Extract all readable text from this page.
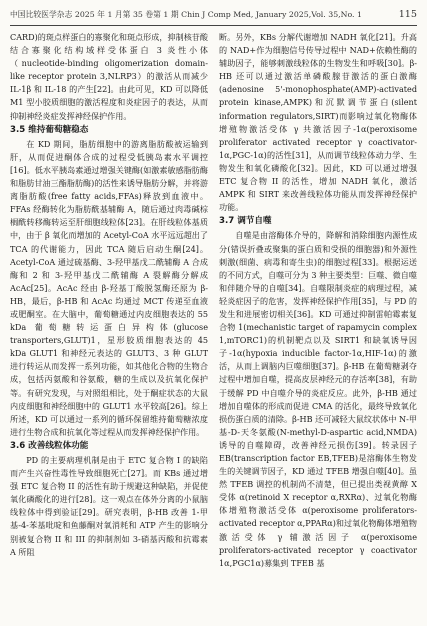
中国比较医学杂志 2025 年 1 月第 35 卷第 1 期 Chin J Comp Med, January 2025,Vol. 35,No. 1	115

CARD)的斑点样蛋白的寡聚化和斑点形成，抑制核苷酸结合寡聚化结构域样受体蛋白 3 炎性小体（nucleotide-binding oligomerization domain-like receptor protein 3,NLRP3）的激活从而减少 IL-1β 和 IL-18 的产生[22]。由此可见，KD 可以降低 M1 型小胶质细胞的激活程度和炎症因子的表达，从而抑制神经炎症发挥神经保护作用。

3.5 维持葡萄糖稳态

在 KD 期间，脂肪细胞中的游离脂肪酸被运输到肝，从而促进酮体合成的过程受低胰岛素水平调控[16]。低水平胰岛素通过增强关键酶(如激素敏感脂肪酶和脂肪甘油三酯脂肪酶)的活性来诱导脂肪分解，并将游离脂肪酸(free fatty acids,FFAs)释放到血液中。FFAs 经酶转化为脂肪酰基辅酶 A，随后通过肉毒碱棕榈酰转移酶转运至肝细胞线粒体[23]。在肝线粒体基质中，由于 β 氧化而增加的 Acetyl-CoA 水平远远超出了 TCA 的代谢能力，因此 TCA 随后启动生酮[24]。Acetyl-CoA 通过硫基酶、3-羟甲基戊二酰辅酶 A 合成酶和 2 和 3-羟甲基戊二酰辅酶 A 裂解酶分解成 AcAc[25]。AcAc 经由 β-羟基丁酸脱氢酶还原为 β-HB，最后，β-HB 和 AcAc 均通过 MCT 传递至血液或肥酮室。在大脑中，葡萄糖通过内皮细胞表达的 55 kDa 葡萄糖转运蛋白异构体(glucose transporters,GLUT)1，星形胶质细胞表达的 45 kDa GLUT1 和神经元表达的 GLUT3、3 种 GLUT 进行转运从而发挥一系列功能，如其他化合物的生物合成，包括丙氨酸和谷氨酸，糖的生成以及抗氧化保护等。有研究发现，与对照组相比，处于酮症状态的大鼠内皮细胞和神经细胞中的 GLUT1 水平较高[26]。综上所述，KD 可以通过一系列的循环保留维持葡萄糖浓度进行生物合成和抗氧化等过程从而发挥神经保护作用。

3.6 改善线粒体功能

PD 的主要病理机制是由于 ETC 复合物 I 的缺陷而产生兴奋性毒性导致细胞死亡[27]。而 KBs 通过增强 ETC 复合物 II 的活性有助于规避这种缺陷，并促使氧化磷酸化的进行[28]。这一观点在体外分离的小鼠脑线粒体中得到验证[29]。研究表明，β-HB 改善 1-甲基-4-苯基吡啶和鱼藤酮对氧消耗和 ATP 产生的影响分别被复合物 II 和 III 的抑制剂如 3-硝基丙酸和抗霉素 A 所阻

断。另外，KBs 分解代谢增加 NADH 氧化[21]。升高的 NAD+作为细胞信号传导过程中 NAD+依赖性酶的辅助因子，能够刺激线粒体的生物发生和呼吸[30]。β-HB 还可以通过激活单磷酸腺苷激活的蛋白激酶(adenosine 5'-monophosphate(AMP)-activated protein kinase,AMPK)和沉默调节蛋白(silent information regulators,SIRT)而影响过氧化物酶体增殖物激活受体 γ 共激活因子-1α(peroxisome proliferator activated receptor γ coactivator-1α,PGC-1α)的活性[31]，从而调节线粒体动力学、生物发生和氧化磷酸化[32]。因此，KD 可以通过增强 ETC 复合物 II 的活性，增加 NADH 氧化，激活 AMPK 和 SIRT 来改善线粒体功能从而发挥神经保护功能。

3.7 调节自噬

自噬是由溶酶体介导的，降解和消除细胞内源性成分(错误折叠或聚集的蛋白质和受损的细胞器)和外源性刺激(细菌、病毒和寄生虫)的细胞过程[33]。根据运送的不同方式，自噬可分为 3 种主要类型：巨噬、微自噬和伴随介导的自噬[34]。自噬限制炎症的病理过程，减轻炎症因子的危害，发挥神经保护作用[35]，与 PD 的发生和进展密切相关[36]。KD 可通过抑制雷帕霉素复合物 1(mechanistic target of rapamycin complex 1,mTORC1)的机制靶点以及 SIRT1 和缺氧诱导因子-1α(hypoxia inducible factor-1α,HIF-1α)的激活，从而上调脑内巨噬细胞[37]。β-HB 在葡萄糖剥夺过程中增加自噬，提高皮层神经元的存活率[38]，有助于缓解 PD 中自噬介导的炎症反应。此外，β-HB 通过增加自噬体的形成而促进 CMA 的活化，最终导致氧化损伤蛋白质的清除。β-HB 还可减轻大鼠纹状体中 N-甲基-D-天冬氨酸(N-methyl-D-aspartic acid,NMDA)诱导的自噬障碍，改善神经元损伤[39]。转录因子 EB(transcription factor EB,TFEB)是溶酶体生物发生的关键调节因子，KD 通过 TFEB 增强自噬[40]。虽然 TFEB 调控的机制尚不清楚，但已提出类视黄醇 X 受体 α(retinoid X receptor α,RXRα)、过氧化物酶体增殖物激活受体 α(peroxisome proliferators-activated receptor α,PPARα)和过氧化物酶体增殖物激活受体 γ 辅激活因子 α(peroxisome proliferators-activated receptor γ coactivator 1α,PGC1α)募集到 TFEB 基
